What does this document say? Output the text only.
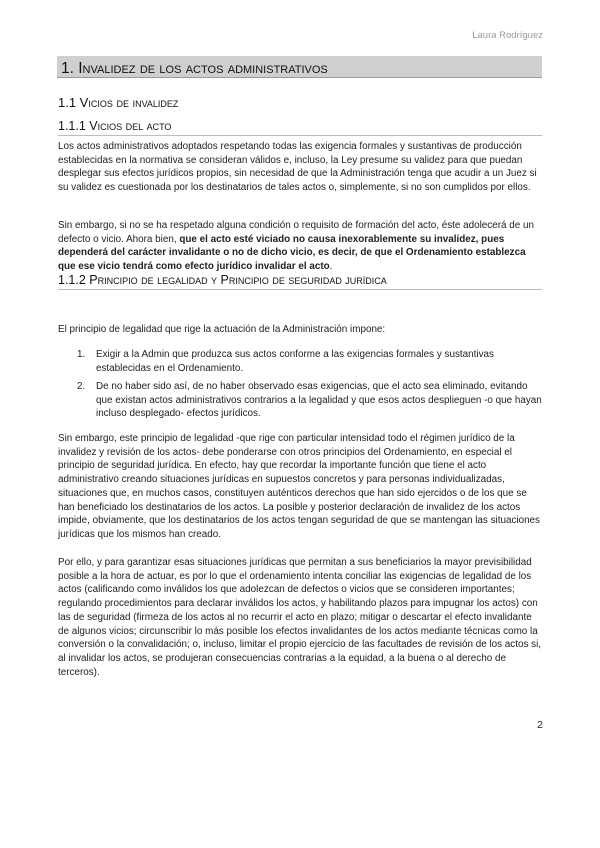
Laura Rodríguez
1. Invalidez de los actos administrativos
1.1 Vicios de invalidez
1.1.1 Vicios del acto

Los actos administrativos adoptados respetando todas las exigencia formales y sustantivas de producción establecidas en la normativa se consideran válidos e, incluso, la Ley presume su validez para que puedan desplegar sus efectos jurídicos propios, sin necesidad de que la Administración tenga que acudir a un Juez si su validez es cuestionada por los destinatarios de tales actos o, simplemente, si no son cumplidos por ellos.

Sin embargo, si no se ha respetado alguna condición o requisito de formación del acto, éste adolecerá de un defecto o vicio. Ahora bien, que el acto esté viciado no causa inexorablemente su invalidez, pues dependerá del carácter invalidante o no de dicho vicio, es decir, de que el Ordenamiento establezca que ese vicio tendrá como efecto jurídico invalidar el acto.

1.1.2 Principio de legalidad y Principio de seguridad jurídica

El principio de legalidad que rige la actuación de la Administración impone:

1. Exigir a la Admin que produzca sus actos conforme a las exigencias formales y sustantivas establecidas en el Ordenamiento.
2. De no haber sido así, de no haber observado esas exigencias, que el acto sea eliminado, evitando que existan actos administrativos contrarios a la legalidad y que esos actos desplieguen -o que hayan incluso desplegado- efectos jurídicos.

Sin embargo, este principio de legalidad -que rige con particular intensidad todo el régimen jurídico de la invalidez y revisión de los actos- debe ponderarse con otros principios del Ordenamiento, en especial el principio de seguridad jurídica. En efecto, hay que recordar la importante función que tiene el acto administrativo creando situaciones jurídicas en supuestos concretos y para personas individualizadas, situaciones que, en muchos casos, constituyen auténticos derechos que han sido ejercidos o de los que se han beneficiado los destinatarios de los actos. La posible y posterior declaración de invalidez de los actos impide, obviamente, que los destinatarios de los actos tengan seguridad de que se mantengan las situaciones jurídicas que los mismos han creado.

Por ello, y para garantizar esas situaciones jurídicas que permitan a sus beneficiarios la mayor previsibilidad posible a la hora de actuar, es por lo que el ordenamiento intenta conciliar las exigencias de legalidad de los actos (calificando como inválidos los que adolezcan de defectos o vicios que se consideren importantes; regulando procedimientos para declarar inválidos los actos, y habilitando plazos para impugnar los actos) con las de seguridad (firmeza de los actos al no recurrir el acto en plazo; mitigar o descartar el efecto invalidante de algunos vicios; circunscribir lo más posible los efectos invalidantes de los actos mediante técnicas como la conversión o la convalidación; o, incluso, limitar el propio ejercicio de las facultades de revisión de los actos si, al invalidar los actos, se produjeran consecuencias contrarias a la equidad, a la buena o al derecho de terceros).

2
